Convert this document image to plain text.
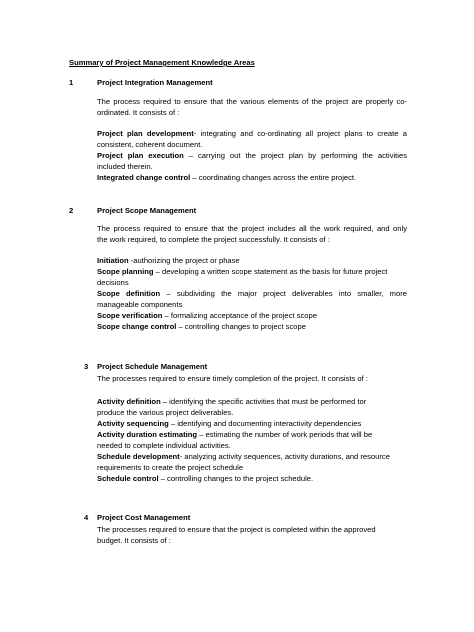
Summary of Project Management Knowledge Areas
1	Project Integration Management

The process required to ensure that the various elements of the project are properly co-

ordinated. It consists of :

Project plan development- integrating and co-ordinating all project plans to create a

consistent, coherent document.

Project plan execution – carrying out the project plan by performing the activities

included therein.

Integrated change control – coordinating changes across the entire project.

2	Project Scope Management

The process required to ensure that the project includes all the work required, and only

the work required, to complete the project successfully. It consists of :

Initiation -authorizing the project or phase

Scope planning – developing a written scope statement as the basis for future project

decisions

Scope definition – subdividing the major project deliverables into smaller, more

manageable components

Scope verification – formalizing acceptance of the project scope

Scope change control – controlling changes to project scope

3 Project Schedule Management

The processes required to ensure timely completion of the project. It consists of :

Activity definition – identifying the specific activities that must be performed tor

produce the various project deliverables.

Activity sequencing – identifying and documenting interactivity dependencies

Activity duration estimating – estimating the number of work periods that will be

needed to complete individual activities.

Schedule development- analyzing activity sequences, activity durations, and resource

requirements to create the project schedule

Schedule control – controlling changes to the project schedule.

4 Project Cost Management

The processes required to ensure that the project is completed within the approved

budget. It consists of :
